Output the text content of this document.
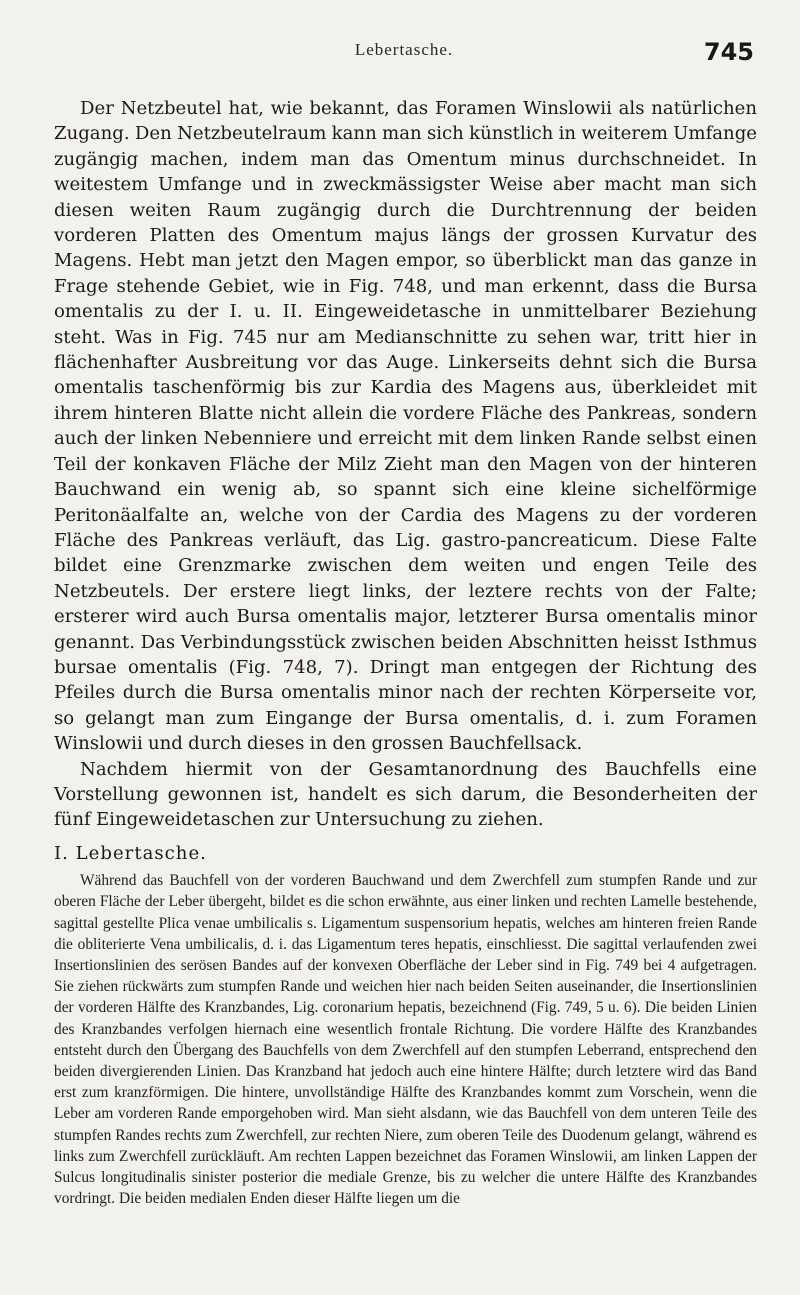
Lebertasche.	745

Der Netzbeutel hat, wie bekannt, das Foramen Winslowii als natürlichen Zugang. Den Netzbeutelraum kann man sich künstlich in weiterem Umfange zugängig machen, indem man das Omentum minus durchschneidet. In weitestem Umfange und in zweckmässigster Weise aber macht man sich diesen weiten Raum zugängig durch die Durchtrennung der beiden vorderen Platten des Omentum majus längs der grossen Kurvatur des Magens. Hebt man jetzt den Magen empor, so überblickt man das ganze in Frage stehende Gebiet, wie in Fig. 748, und man erkennt, dass die Bursa omentalis zu der I. u. II. Eingeweidetasche in unmittelbarer Beziehung steht. Was in Fig. 745 nur am Medianschnitte zu sehen war, tritt hier in flächenhafter Ausbreitung vor das Auge. Linkerseits dehnt sich die Bursa omentalis taschenförmig bis zur Kardia des Magens aus, überkleidet mit ihrem hinteren Blatte nicht allein die vordere Fläche des Pankreas, sondern auch der linken Nebenniere und erreicht mit dem linken Rande selbst einen Teil der konkaven Fläche der Milz Zieht man den Magen von der hinteren Bauchwand ein wenig ab, so spannt sich eine kleine sichelförmige Peritonäalfalte an, welche von der Cardia des Magens zu der vorderen Fläche des Pankreas verläuft, das Lig. gastro-pancreaticum. Diese Falte bildet eine Grenzmarke zwischen dem weiten und engen Teile des Netzbeutels. Der erstere liegt links, der leztere rechts von der Falte; ersterer wird auch Bursa omentalis major, letzterer Bursa omentalis minor genannt. Das Verbindungsstück zwischen beiden Abschnitten heisst Isthmus bursae omentalis (Fig. 748, 7). Dringt man entgegen der Richtung des Pfeiles durch die Bursa omentalis minor nach der rechten Körperseite vor, so gelangt man zum Eingange der Bursa omentalis, d. i. zum Foramen Winslowii und durch dieses in den grossen Bauchfellsack.

Nachdem hiermit von der Gesamtanordnung des Bauchfells eine Vorstellung gewonnen ist, handelt es sich darum, die Besonderheiten der fünf Eingeweidetaschen zur Untersuchung zu ziehen.

I. Lebertasche.

Während das Bauchfell von der vorderen Bauchwand und dem Zwerchfell zum stumpfen Rande und zur oberen Fläche der Leber übergeht, bildet es die schon erwähnte, aus einer linken und rechten Lamelle bestehende, sagittal gestellte Plica venae umbilicalis s. Ligamentum suspensorium hepatis, welches am hinteren freien Rande die obliterierte Vena umbilicalis, d. i. das Ligamentum teres hepatis, einschliesst. Die sagittal verlaufenden zwei Insertionslinien des serösen Bandes auf der konvexen Oberfläche der Leber sind in Fig. 749 bei 4 aufgetragen. Sie ziehen rückwärts zum stumpfen Rande und weichen hier nach beiden Seiten auseinander, die Insertionslinien der vorderen Hälfte des Kranzbandes, Lig. coronarium hepatis, bezeichnend (Fig. 749, 5 u. 6). Die beiden Linien des Kranzbandes verfolgen hiernach eine wesentlich frontale Richtung. Die vordere Hälfte des Kranzbandes entsteht durch den Übergang des Bauchfells von dem Zwerchfell auf den stumpfen Leberrand, entsprechend den beiden divergierenden Linien. Das Kranzband hat jedoch auch eine hintere Hälfte; durch letztere wird das Band erst zum kranzförmigen. Die hintere, unvollständige Hälfte des Kranzbandes kommt zum Vorschein, wenn die Leber am vorderen Rande emporgehoben wird. Man sieht alsdann, wie das Bauchfell von dem unteren Teile des stumpfen Randes rechts zum Zwerchfell, zur rechten Niere, zum oberen Teile des Duodenum gelangt, während es links zum Zwerchfell zurückläuft. Am rechten Lappen bezeichnet das Foramen Winslowii, am linken Lappen der Sulcus longitudinalis sinister posterior die mediale Grenze, bis zu welcher die untere Hälfte des Kranzbandes vordringt. Die beiden medialen Enden dieser Hälfte liegen um die
